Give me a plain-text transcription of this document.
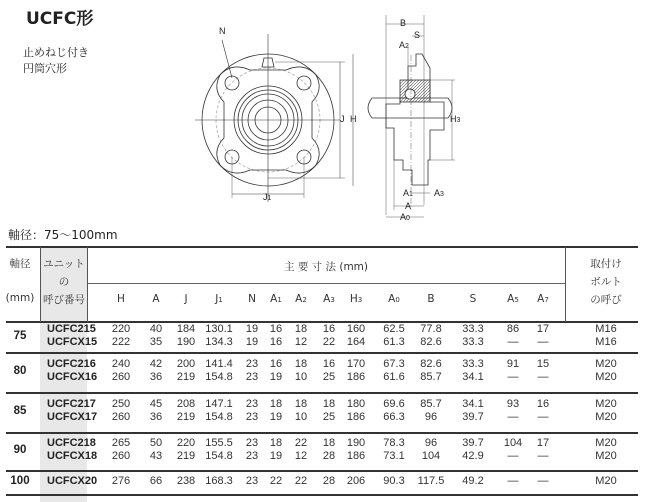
UCFC形
止めねじ付き
円筒穴形
N
J H
J1
B
S
A2
H3
A1 A3
A
A0
軸径：75～100mm
軸径
(mm)
ユニット
の
呼び番号
主 要 寸 法 (mm)	取付け
ボルト
の呼び
H	A J	J1 N A1 A2 A3 H3 A0	B	S	A5 A7
75
UCFC215 220 40 184 130.1 19 16 18 16 160 62.5 77.8 33.3 86 17	M16
UCFCX15 222 35 190 134.3 19 16 12 22 164 61.3 82.6 33.3 — —	M16
80
UCFC216 240 42 200 141.4 23 16 18 16 170 67.3 82.6 33.3 91 15	M20
UCFCX16 260 36 219 154.8 23 19 10 25 186 61.6 85.7 34.1 — —	M20
85
UCFC217 250 45 208 147.1 23 18 18 18 180 69.6 85.7 34.1 93 16	M20
UCFCX17 260 36 219 154.8 23 19 10 25 186 66.3 96 39.7 — —	M20
90
UCFC218 265 50 220 155.5 23 18 22 18 190 78.3 96 39.7 104 17	M20
UCFCX18 260 43 219 154.8 23 19 12 28 186 73.1 104 42.9 — —	M20
100 UCFCX20 276 66 238 168.3 23 22 22 28 206 90.3 117.5 49.2 — —	M20
